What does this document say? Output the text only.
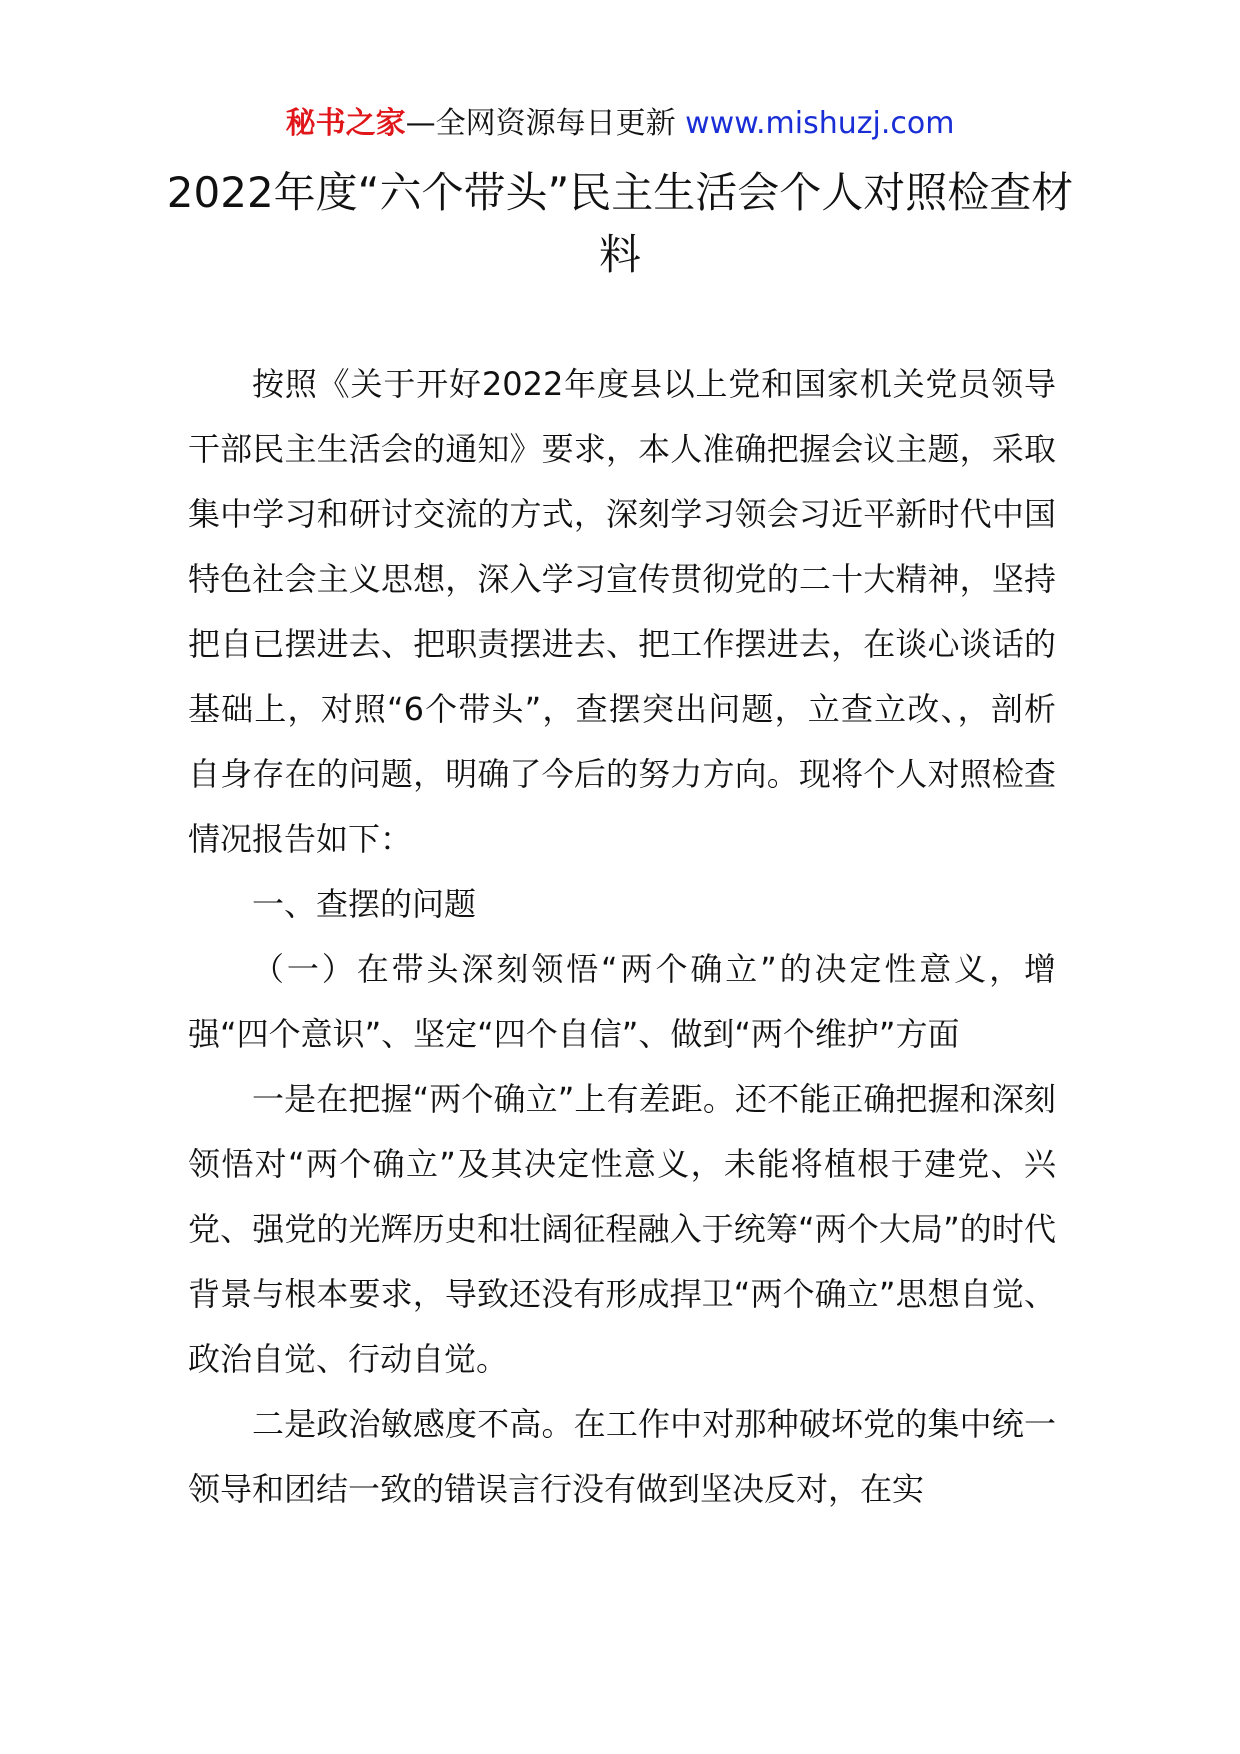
秘书之家—全网资源每日更新 www.mishuzj.com
2022年度“六个带头”民主生活会个人对照检查材料

按照《关于开好2022年度县以上党和国家机关党员领导干部民主生活会的通知》要求，本人准确把握会议主题，采取集中学习和研讨交流的方式，深刻学习领会习近平新时代中国特色社会主义思想，深入学习宣传贯彻党的二十大精神，坚持把自已摆进去、把职责摆进去、把工作摆进去，在谈心谈话的基础上，对照“6个带头”，查摆突出问题，立查立改、，剖析自身存在的问题，明确了今后的努力方向。现将个人对照检查情况报告如下：

一、查摆的问题

（一）在带头深刻领悟“两个确立”的决定性意义，增强“四个意识”、坚定“四个自信”、做到“两个维护”方面

一是在把握“两个确立”上有差距。还不能正确把握和深刻领悟对“两个确立”及其决定性意义，未能将植根于建党、兴党、强党的光辉历史和壮阔征程融入于统筹“两个大局”的时代背景与根本要求，导致还没有形成捍卫“两个确立”思想自觉、政治自觉、行动自觉。

二是政治敏感度不高。在工作中对那种破坏党的集中统一领导和团结一致的错误言行没有做到坚决反对，在实
